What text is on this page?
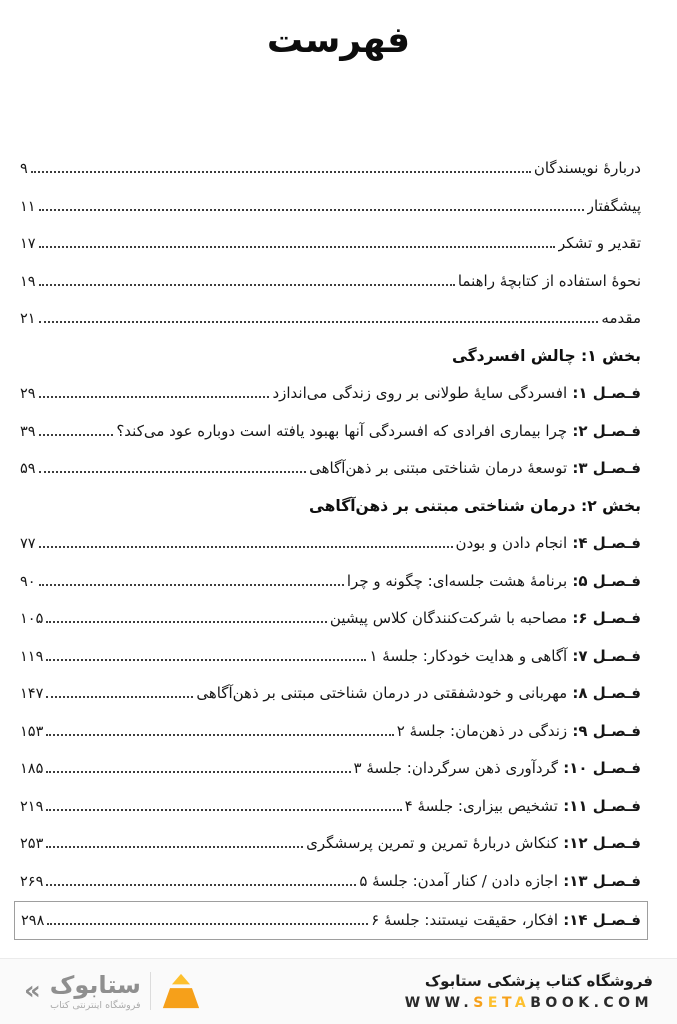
فهرست
دربارۀ نویسندگان
۹
پیشگفتار
۱۱
تقدیر و تشکر
۱۷
نحوۀ استفاده از کتابچۀ راهنما
۱۹
مقدمه
۲۱
بخش ۱: چالش افسردگی
فـصـل ۱: افسردگی سایۀ طولانی بر روی زندگی می‌اندازد
۲۹
فـصـل ۲: چرا بیماری افرادی که افسردگی آنها بهبود یافته است دوباره عود می‌کند؟
۳۹
فـصـل ۳: توسعۀ درمان شناختی مبتنی بر ذهن‌آگاهی
۵۹
بخش ۲: درمان شناختی مبتنی بر ذهن‌آگاهی
فـصـل ۴: انجام دادن و بودن
۷۷
فـصـل ۵: برنامۀ هشت جلسه‌ای: چگونه و چرا
۹۰
فـصـل ۶: مصاحبه با شرکت‌کنندگان کلاس پیشین
۱۰۵
فـصـل ۷: آگاهی و هدایت خودکار: جلسۀ ۱
۱۱۹
فـصـل ۸: مهربانی و خودشفقتی در درمان شناختی مبتنی بر ذهن‌آگاهی
۱۴۷
فـصـل ۹: زندگی در ذهن‌مان: جلسۀ ۲
۱۵۳
فـصـل ۱۰: گردآوری ذهن سرگردان: جلسۀ ۳
۱۸۵
فـصـل ۱۱: تشخیص بیزاری: جلسۀ ۴
۲۱۹
فـصـل ۱۲: کنکاش دربارۀ تمرین و تمرین پرسشگری
۲۵۳
فـصـل ۱۳: اجازه دادن / کنار آمدن: جلسۀ ۵
۲۶۹
فـصـل ۱۴: افکار، حقیقت نیستند: جلسۀ ۶
۲۹۸
« ستابوک
فروشگاه اینترنتی کتاب
فروشگاه کتاب پزشکی ستابوک
WWW.SETABOOK.COM
